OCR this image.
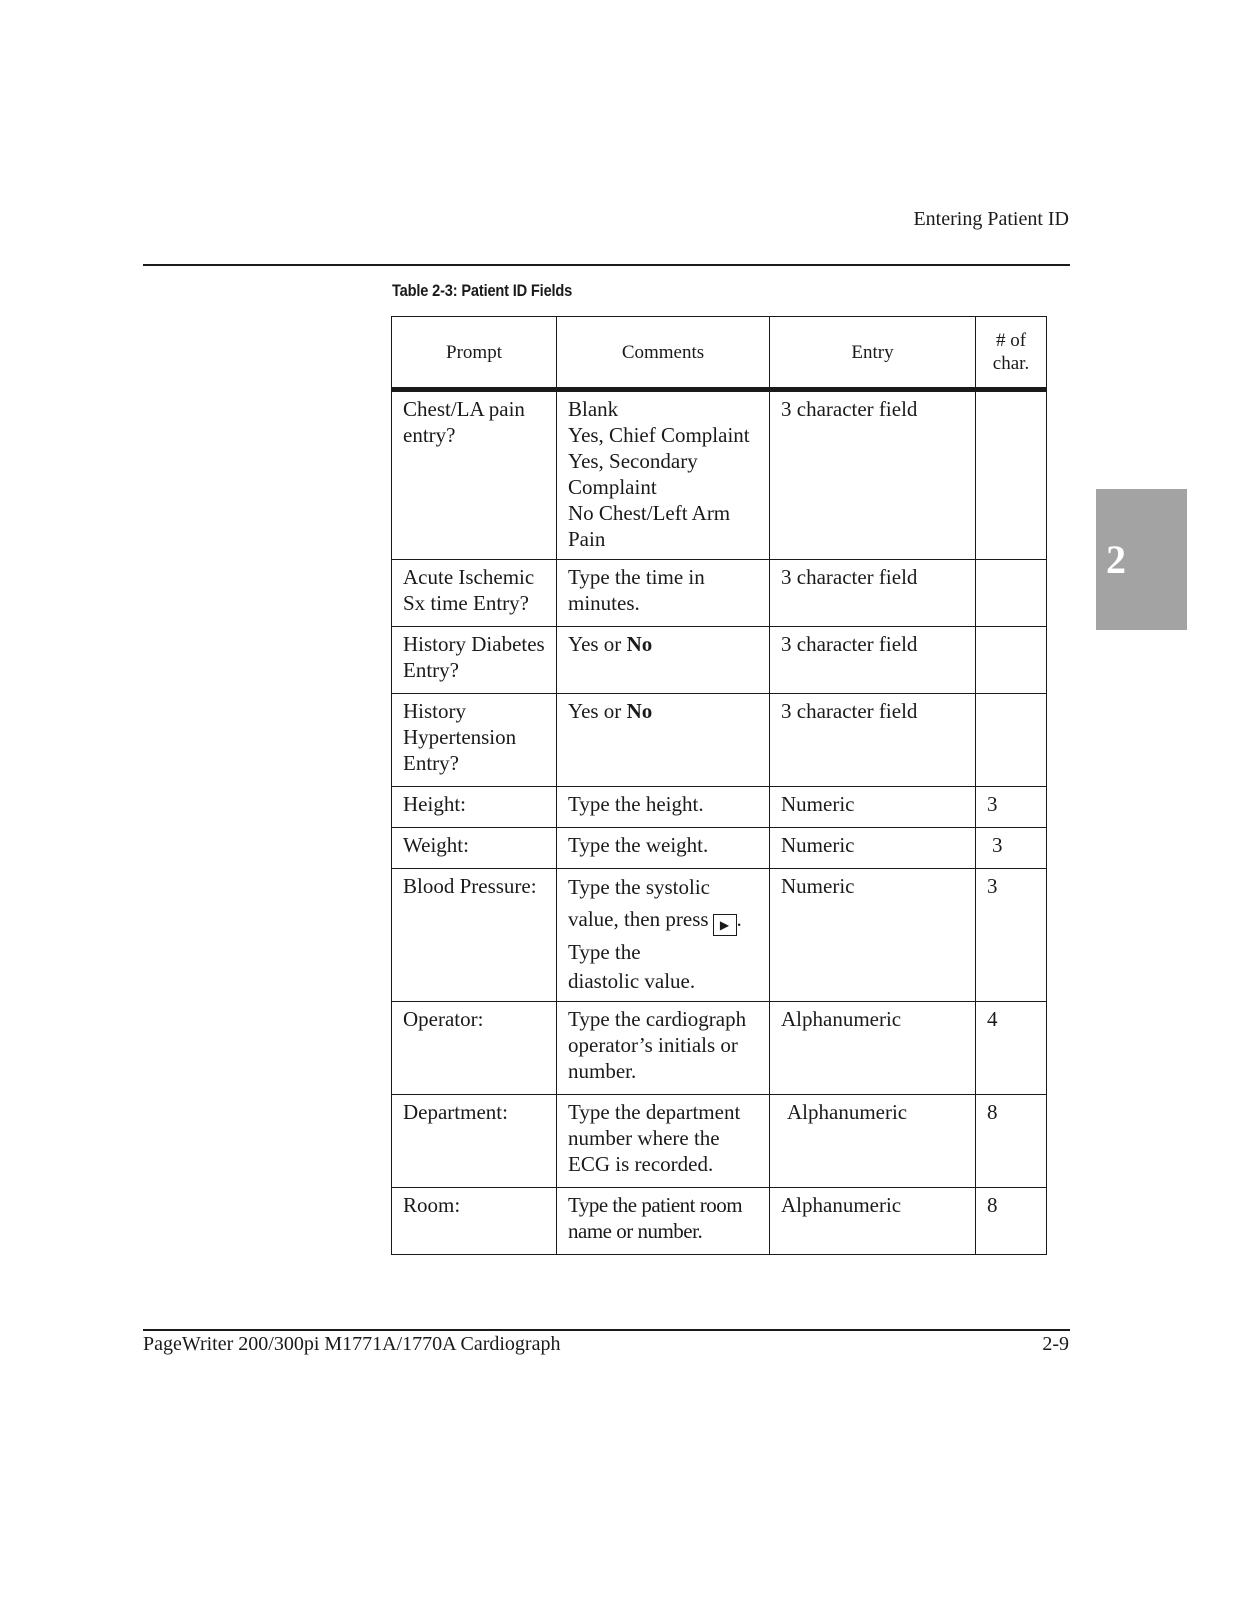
Entering Patient ID
Table 2-3: Patient ID Fields
2
Prompt	Comments	Entry	# of char.
Chest/LA pain entry?	Blank
Yes, Chief Complaint
Yes, Secondary Complaint
No Chest/Left Arm Pain	3 character field	
Acute Ischemic Sx time Entry?	Type the time in minutes.	3 character field	
History Diabetes Entry?	Yes or No	3 character field	
History Hypertension Entry?	Yes or No	3 character field	
Height:	Type the height.	Numeric	3
Weight:	Type the weight.	Numeric	3
Blood Pressure:	Type the systolic
value, then press ▶ .
Type the
diastolic value.	Numeric	3
Operator:	Type the cardiograph operator’s initials or number.	Alphanumeric	4
Department:	Type the department number where the ECG is recorded.	Alphanumeric	8
Room:	Type the patient room name or number.	Alphanumeric	8
PageWriter 200/300pi M1771A/1770A Cardiograph	2-9
